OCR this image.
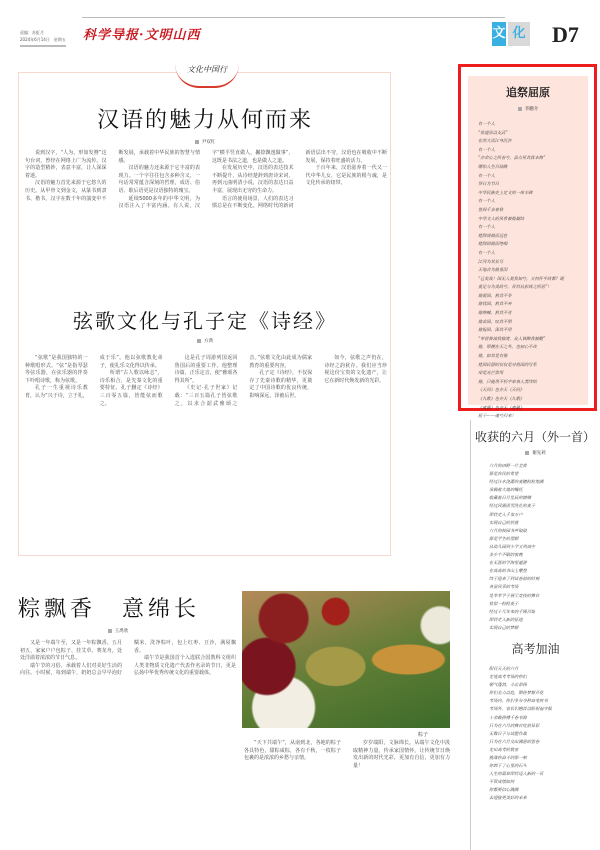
责编：苏虹月
2024年6月14日　星期五 科学导报·文明山西	文 化 D7
文化中国行
汉语的魅力从何而来
尹双红

说到汉字，“人为，形如发簪”这句台词，曾经在网络上广为流传。汉字的造型精妙，表意丰富，让人深深着迷。

汉语的魅力首先来源于它悠久的历史。从甲骨文到金文，从篆书到隶书、楷书，汉字在数千年的演变中不断发展，承载着中华民族的智慧与情感。

汉语的魅力还来源于它丰富的表现力。一个字往往包含多种含义，一句话常常蕴含深刻的哲理，成语、俗语、歇后语更是汉语独特的瑰宝。

延续5000多年的中华文明，为汉语注入了丰富内涵。有人说，汉字“横平竖直做人，撇捺飘逸做事”，这既是书法之道，也是做人之道。

在发展历史中，汉语的表达技术不断提升，从诗经楚辞到唐诗宋词，再到元曲明清小说，汉语的表达日益丰富，展现出无穷的生命力。

语言的使用场景，人们的表达习惯总是在不断变化。网络时代的新词新语层出不穷，汉语也在吸收中不断发展，保持着旺盛的活力。

千百年来，汉语滋养着一代又一代中华儿女，它是民族的根与魂，是文化传承的纽带。

弦歌文化与孔子定《诗经》
方典

“弦歌”是我国独特的一种歌唱形式。“弦”是指琴瑟等弦乐器，在弦乐器的伴奏下吟唱诗歌，称为弦歌。

孔子一生重视诗乐教育，认为“兴于诗，立于礼，成于乐”。他以弦歌教化弟子，使礼乐文化得以传承。

所谓“古人歌以咏志”，诗乐相合，是先秦文化的重要特征。孔子删定《诗经》三百零五篇，皆能弦而歌之。

这是孔子周游列国返回鲁国后的重要工作。他整理诗篇，正乐定音，使“雅颂各得其所”。

《史记·孔子世家》记载：“三百五篇孔子皆弦歌之，以求合韶武雅颂之音。”弦歌文化由此成为儒家教育的重要内容。

孔子定《诗经》，不仅保存了先秦诗歌的精华，更奠定了中国诗歌的优良传统，影响深远，泽被后世。

如今，弦歌之声仍在，诗经之韵犹存。我们应当珍视这份宝贵的文化遗产，让它在新时代焕发新的光彩。

粽飘香　意绵长
王禹欣

又是一年端午至，又是一年粽飘香。五月初五，家家户户包粽子、挂艾草、赛龙舟，处处洋溢着浓浓的节日气息。

端午节的习俗，承载着人们对美好生活的向往。小时候，每到端午，奶奶总会早早泡好糯米，洗净粽叶，包上红枣、豆沙，满屋飘香。

端午节是我国首个入选联合国教科文组织人类非物质文化遗产代表作名录的节日，更是弘扬中华优秀传统文化的重要载体。

粽子

“天下共端午”，从南到北，各地的粽子各具特色，甜粽咸粽，各有千秋，一枚粽子包裹的是浓浓的乡愁与亲情。

岁岁端阳，文脉绵长。从端午文化中汲取精神力量，传承家国情怀，让传统节日焕发出新的时代光彩，更加有自信，更加有力量！

追祭屈原
李鹏介
有一个人
“依道而以支武”
在洪大而江身沉沙
有一个人
“亦余心之所善兮，虽九死其犹未悔”
哪怕人生百劫路
有一个人
祭日为节日
中华民族史上定义的一座丰碑
有一个人
世间千多春秋
中华文人的风骨被他凝结
有一个人
楚辞谈他而远色
楚辞因他而绝唱
有一个人
江河为其长号
天地合为他垂泪
“已矣哉！国无人莫我知兮，又何怀乎故都？既
莫足与为美政兮，吾将从彭咸之所居”！
他爱国，然其不争
他忧国，然其不弃
他呐喊，然其不肯
他求国，叹其不明
他报国，深其不用
“举世皆浊我独清，众人皆醉我独醒”
他，即便在天之外，也初心不改
他，如其是有他
楚国民留的仅仅是对祖国的写系
却是光芒常用
他，只能用不朽字章表人类终结
《天问》也亦天《天问》
《九歌》也亦天《九歌》
《离骚》也亦天《离骚》
屈子——魂兮归来！
收获的六月（外一首）
谢先莉
六月的田野一片金黄
那是农民的希望
经过汗水浇灌的麦穗粒粒饱满
承载着大地的嘱托
收藏着日月星辰的馈赠
经过风霜雨雪洗礼的麦子
即将走入千家万户
实现自己的价值
六月的校园书声琅琅
那是学生的理想
从幼儿园到小学又到高中
多少个不眠的夜晚
在无涯的学海里遨游
在高高的书山上攀登
终于迎来了到试卷前的时刻
各显风采的考场
是莘莘学子展示竞技的舞台
犹似一粒粒麦子
经过十几年来的千锤百炼
即将走入新的征途
实现自己的梦想
高考加油
阳目天天的六月
走进高考考场的你们
朝气蓬勃，斗志昂扬
你们全力以赴，期待梦想开花
考场内，你们争分夺秒奋笔疾书
考场外，家长们翘首以盼祝福守候
十余载拼搏千卷书海
只为在六月的舞台绽放异彩
无数日子与试题作战
只为在六月交出满意的答卷
走出高考的教室
挑战你奋斗的那一刻
你卸下了心里的石头
人生的篇章即将迈入新的一页
不管成绩如何
你都要信心满满
去迎接更美好的未来
